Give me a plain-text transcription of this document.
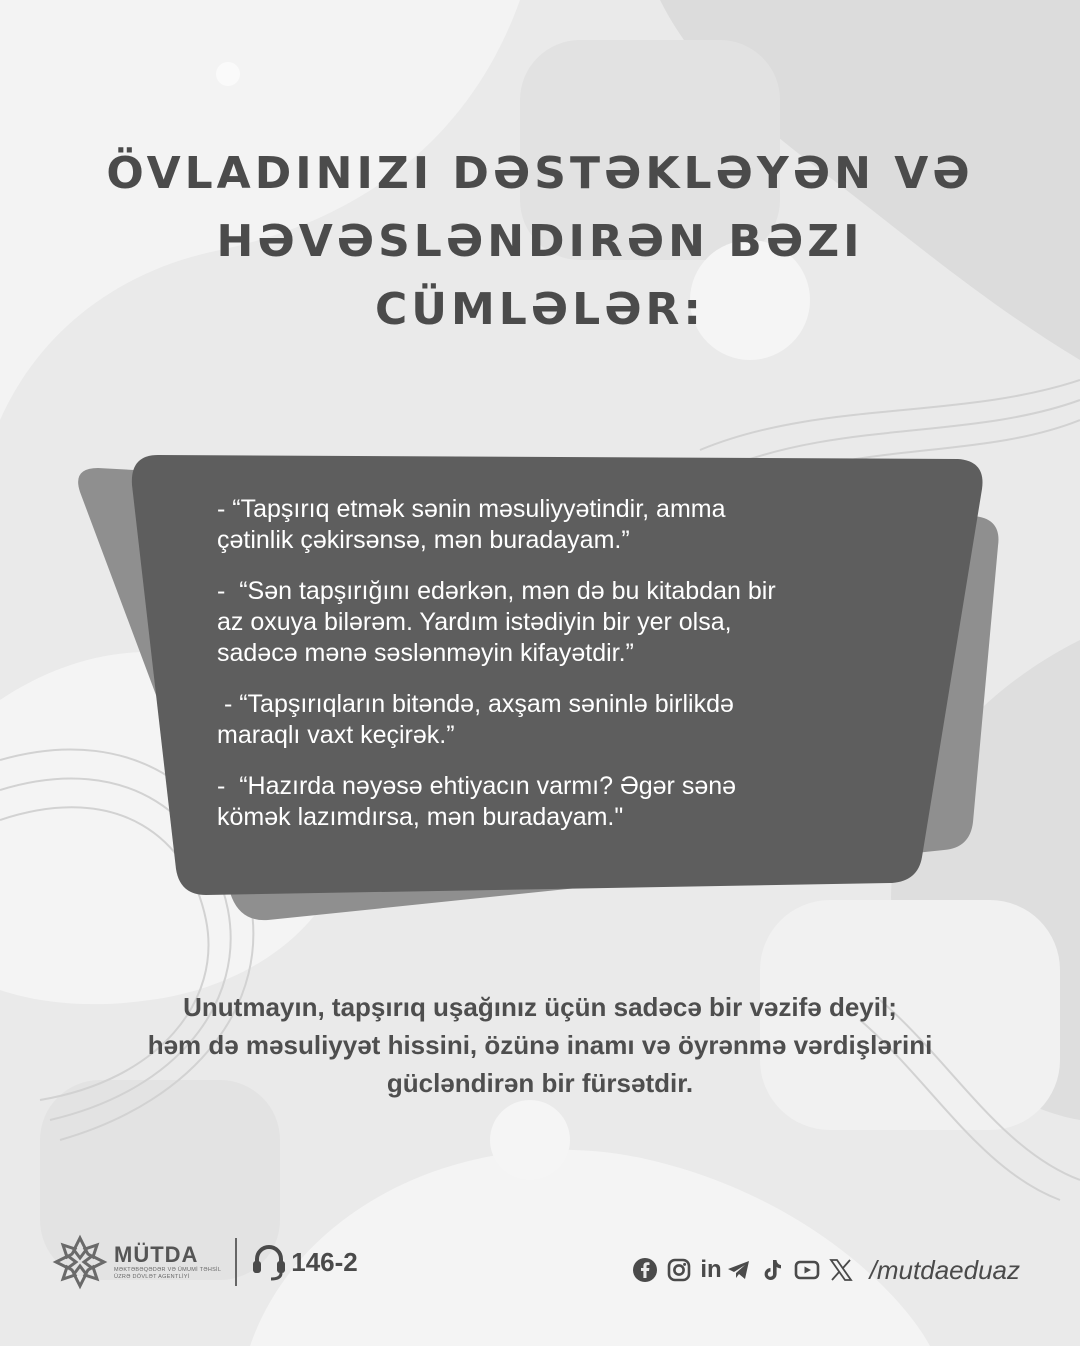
ÖVLADINIZI DƏSTƏKLƏYƏN VƏ
HƏVƏSLƏNDIRƏN BƏZI
CÜMLƏLƏR:
- “Tapşırıq etmək sənin məsuliyyətindir, amma
çətinlik çəkirsənsə, mən buradayam.”
-  “Sən tapşırığını edərkən, mən də bu kitabdan bir
az oxuya bilərəm. Yardım istədiyin bir yer olsa,
sadəcə mənə səslənməyin kifayətdir.”
- “Tapşırıqların bitəndə, axşam səninlə birlikdə
maraqlı vaxt keçirək.”
-  “Hazırda nəyəsə ehtiyacın varmı? Əgər sənə
kömək lazımdırsa, mən buradayam."
Unutmayın, tapşırıq uşağınız üçün sadəcə bir vəzifə deyil;
həm də məsuliyyət hissini, özünə inamı və öyrənmə vərdişlərini
gücləndirən bir fürsətdir.
MÜTDA
MƏKTƏBƏQƏDƏR VƏ ÜMUMİ TƏHSİL
ÜZRƏ DÖVLƏT AGENTLİYİ
146-2	in	/mutdaeduaz
